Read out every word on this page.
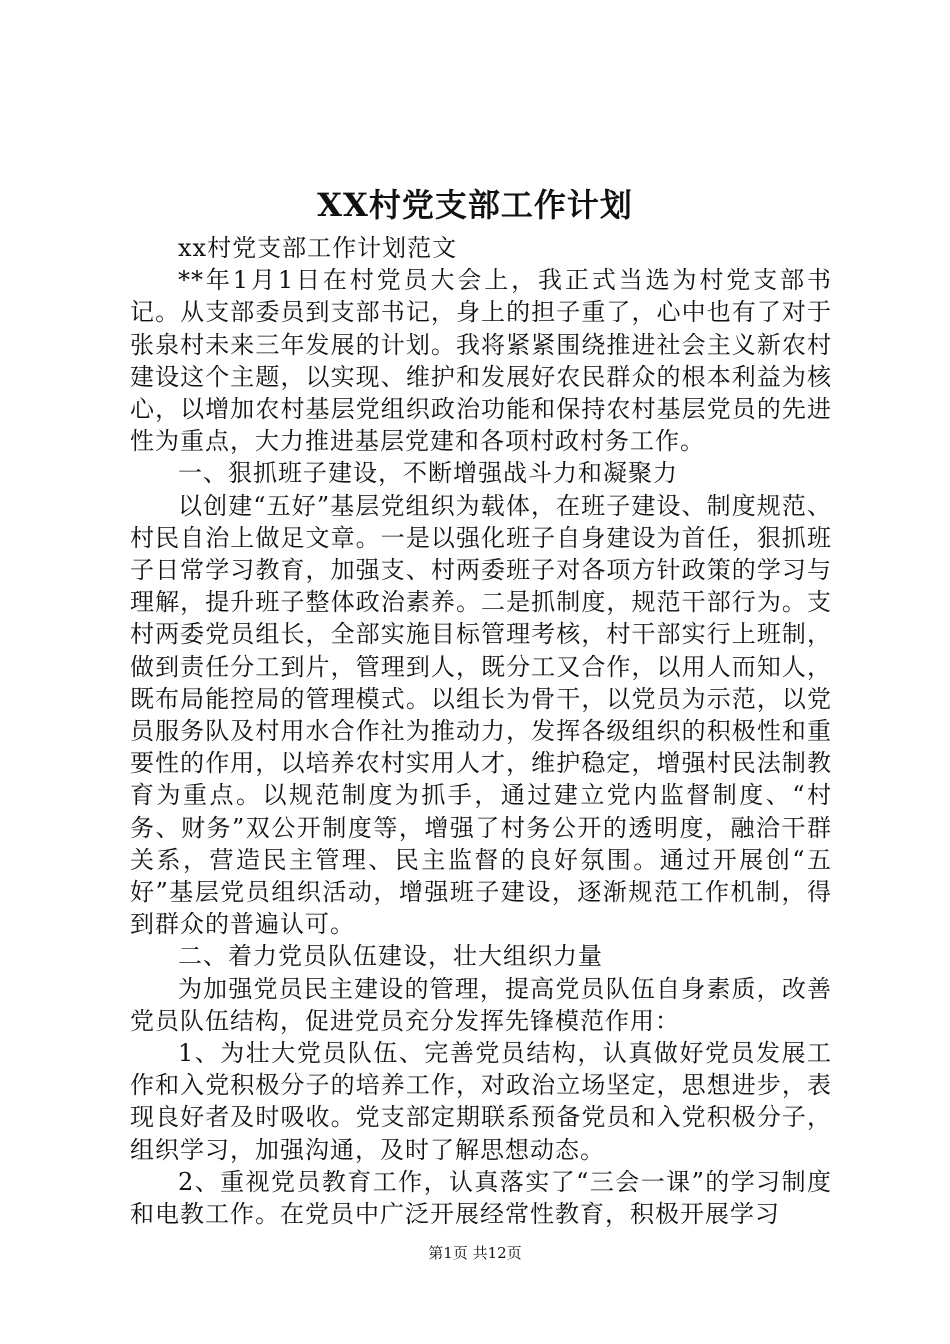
XX村党支部工作计划

xx村党支部工作计划范文

**年1月1日在村党员大会上，我正式当选为村党支部书记。从支部委员到支部书记，身上的担子重了，心中也有了对于张泉村未来三年发展的计划。我将紧紧围绕推进社会主义新农村建设这个主题，以实现、维护和发展好农民群众的根本利益为核心，以增加农村基层党组织政治功能和保持农村基层党员的先进性为重点，大力推进基层党建和各项村政村务工作。

一、狠抓班子建设，不断增强战斗力和凝聚力

以创建“五好”基层党组织为载体，在班子建设、制度规范、村民自治上做足文章。一是以强化班子自身建设为首任，狠抓班子日常学习教育，加强支、村两委班子对各项方针政策的学习与理解，提升班子整体政治素养。二是抓制度，规范干部行为。支村两委党员组长，全部实施目标管理考核，村干部实行上班制，做到责任分工到片，管理到人，既分工又合作，以用人而知人，既布局能控局的管理模式。以组长为骨干，以党员为示范，以党员服务队及村用水合作社为推动力，发挥各级组织的积极性和重要性的作用，以培养农村实用人才，维护稳定，增强村民法制教育为重点。以规范制度为抓手，通过建立党内监督制度、“村务、财务”双公开制度等，增强了村务公开的透明度，融洽干群关系，营造民主管理、民主监督的良好氛围。通过开展创“五好”基层党员组织活动，增强班子建设，逐渐规范工作机制，得到群众的普遍认可。

二、着力党员队伍建设，壮大组织力量

为加强党员民主建设的管理，提高党员队伍自身素质，改善党员队伍结构，促进党员充分发挥先锋模范作用：

1、为壮大党员队伍、完善党员结构，认真做好党员发展工作和入党积极分子的培养工作，对政治立场坚定，思想进步，表现良好者及时吸收。党支部定期联系预备党员和入党积极分子，组织学习，加强沟通，及时了解思想动态。

2、重视党员教育工作，认真落实了“三会一课”的学习制度和电教工作。在党员中广泛开展经常性教育，积极开展学习

第1页 共12页
